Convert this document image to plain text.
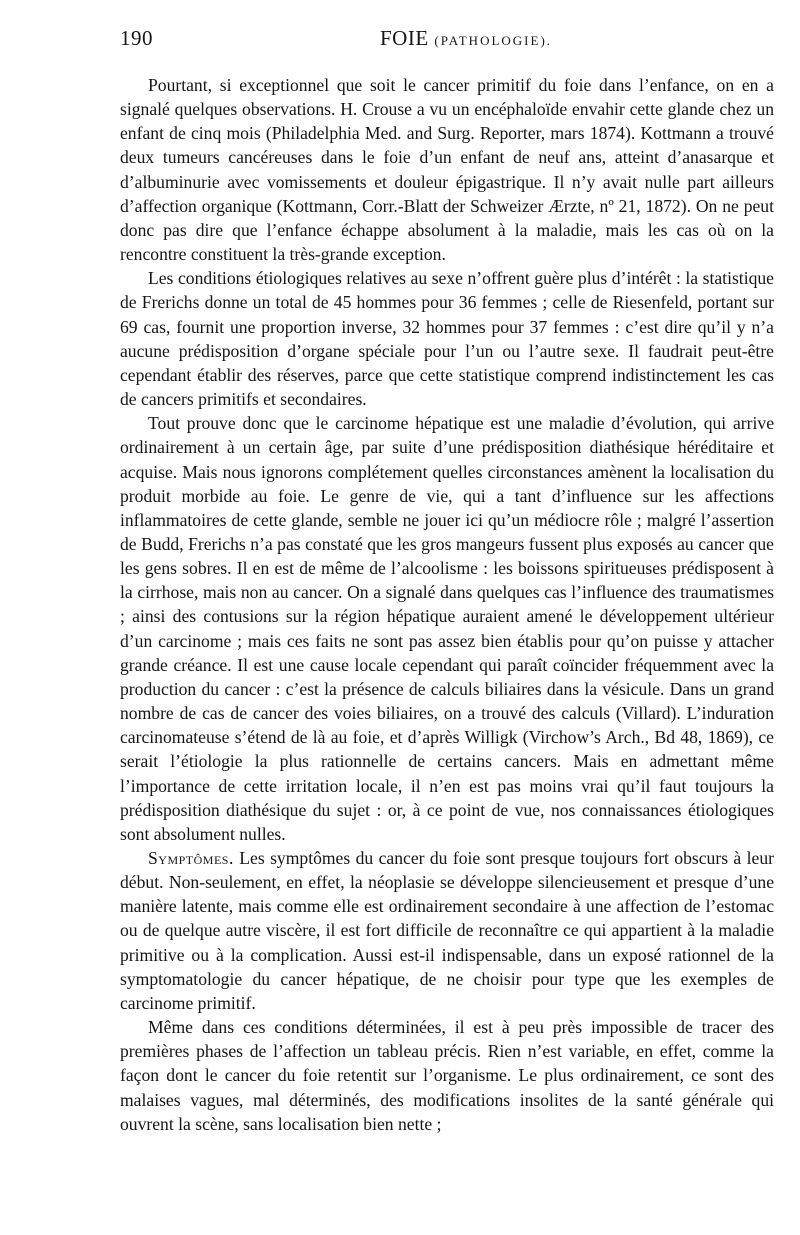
190	FOIE (PATHOLOGIE).

Pourtant, si exceptionnel que soit le cancer primitif du foie dans l’enfance, on en a signalé quelques observations. H. Crouse a vu un encéphaloïde envahir cette glande chez un enfant de cinq mois (Philadelphia Med. and Surg. Reporter, mars 1874). Kottmann a trouvé deux tumeurs cancéreuses dans le foie d’un enfant de neuf ans, atteint d’anasarque et d’albuminurie avec vomissements et douleur épigastrique. Il n’y avait nulle part ailleurs d’affection organique (Kottmann, Corr.-Blatt der Schweizer Ærzte, nº 21, 1872). On ne peut donc pas dire que l’enfance échappe absolument à la maladie, mais les cas où on la rencontre constituent la très-grande exception.

Les conditions étiologiques relatives au sexe n’offrent guère plus d’intérêt : la statistique de Frerichs donne un total de 45 hommes pour 36 femmes ; celle de Riesenfeld, portant sur 69 cas, fournit une proportion inverse, 32 hommes pour 37 femmes : c’est dire qu’il y n’a aucune prédisposition d’organe spéciale pour l’un ou l’autre sexe. Il faudrait peut-être cependant établir des réserves, parce que cette statistique comprend indistinctement les cas de cancers primitifs et secondaires.

Tout prouve donc que le carcinome hépatique est une maladie d’évolution, qui arrive ordinairement à un certain âge, par suite d’une prédisposition diathésique héréditaire et acquise. Mais nous ignorons complétement quelles circonstances amènent la localisation du produit morbide au foie. Le genre de vie, qui a tant d’influence sur les affections inflammatoires de cette glande, semble ne jouer ici qu’un médiocre rôle ; malgré l’assertion de Budd, Frerichs n’a pas constaté que les gros mangeurs fussent plus exposés au cancer que les gens sobres. Il en est de même de l’alcoolisme : les boissons spiritueuses prédisposent à la cirrhose, mais non au cancer. On a signalé dans quelques cas l’influence des traumatismes ; ainsi des contusions sur la région hépatique auraient amené le développement ultérieur d’un carcinome ; mais ces faits ne sont pas assez bien établis pour qu’on puisse y attacher grande créance. Il est une cause locale cependant qui paraît coïncider fréquemment avec la production du cancer : c’est la présence de calculs biliaires dans la vésicule. Dans un grand nombre de cas de cancer des voies biliaires, on a trouvé des calculs (Villard). L’induration carcinomateuse s’étend de là au foie, et d’après Willigk (Virchow’s Arch., Bd 48, 1869), ce serait l’étiologie la plus rationnelle de certains cancers. Mais en admettant même l’importance de cette irritation locale, il n’en est pas moins vrai qu’il faut toujours la prédisposition diathésique du sujet : or, à ce point de vue, nos connaissances étiologiques sont absolument nulles.

Symptômes. Les symptômes du cancer du foie sont presque toujours fort obscurs à leur début. Non-seulement, en effet, la néoplasie se développe silencieusement et presque d’une manière latente, mais comme elle est ordinairement secondaire à une affection de l’estomac ou de quelque autre viscère, il est fort difficile de reconnaître ce qui appartient à la maladie primitive ou à la complication. Aussi est-il indispensable, dans un exposé rationnel de la symptomatologie du cancer hépatique, de ne choisir pour type que les exemples de carcinome primitif.

Même dans ces conditions déterminées, il est à peu près impossible de tracer des premières phases de l’affection un tableau précis. Rien n’est variable, en effet, comme la façon dont le cancer du foie retentit sur l’organisme. Le plus ordinairement, ce sont des malaises vagues, mal déterminés, des modifications insolites de la santé générale qui ouvrent la scène, sans localisation bien nette ;
